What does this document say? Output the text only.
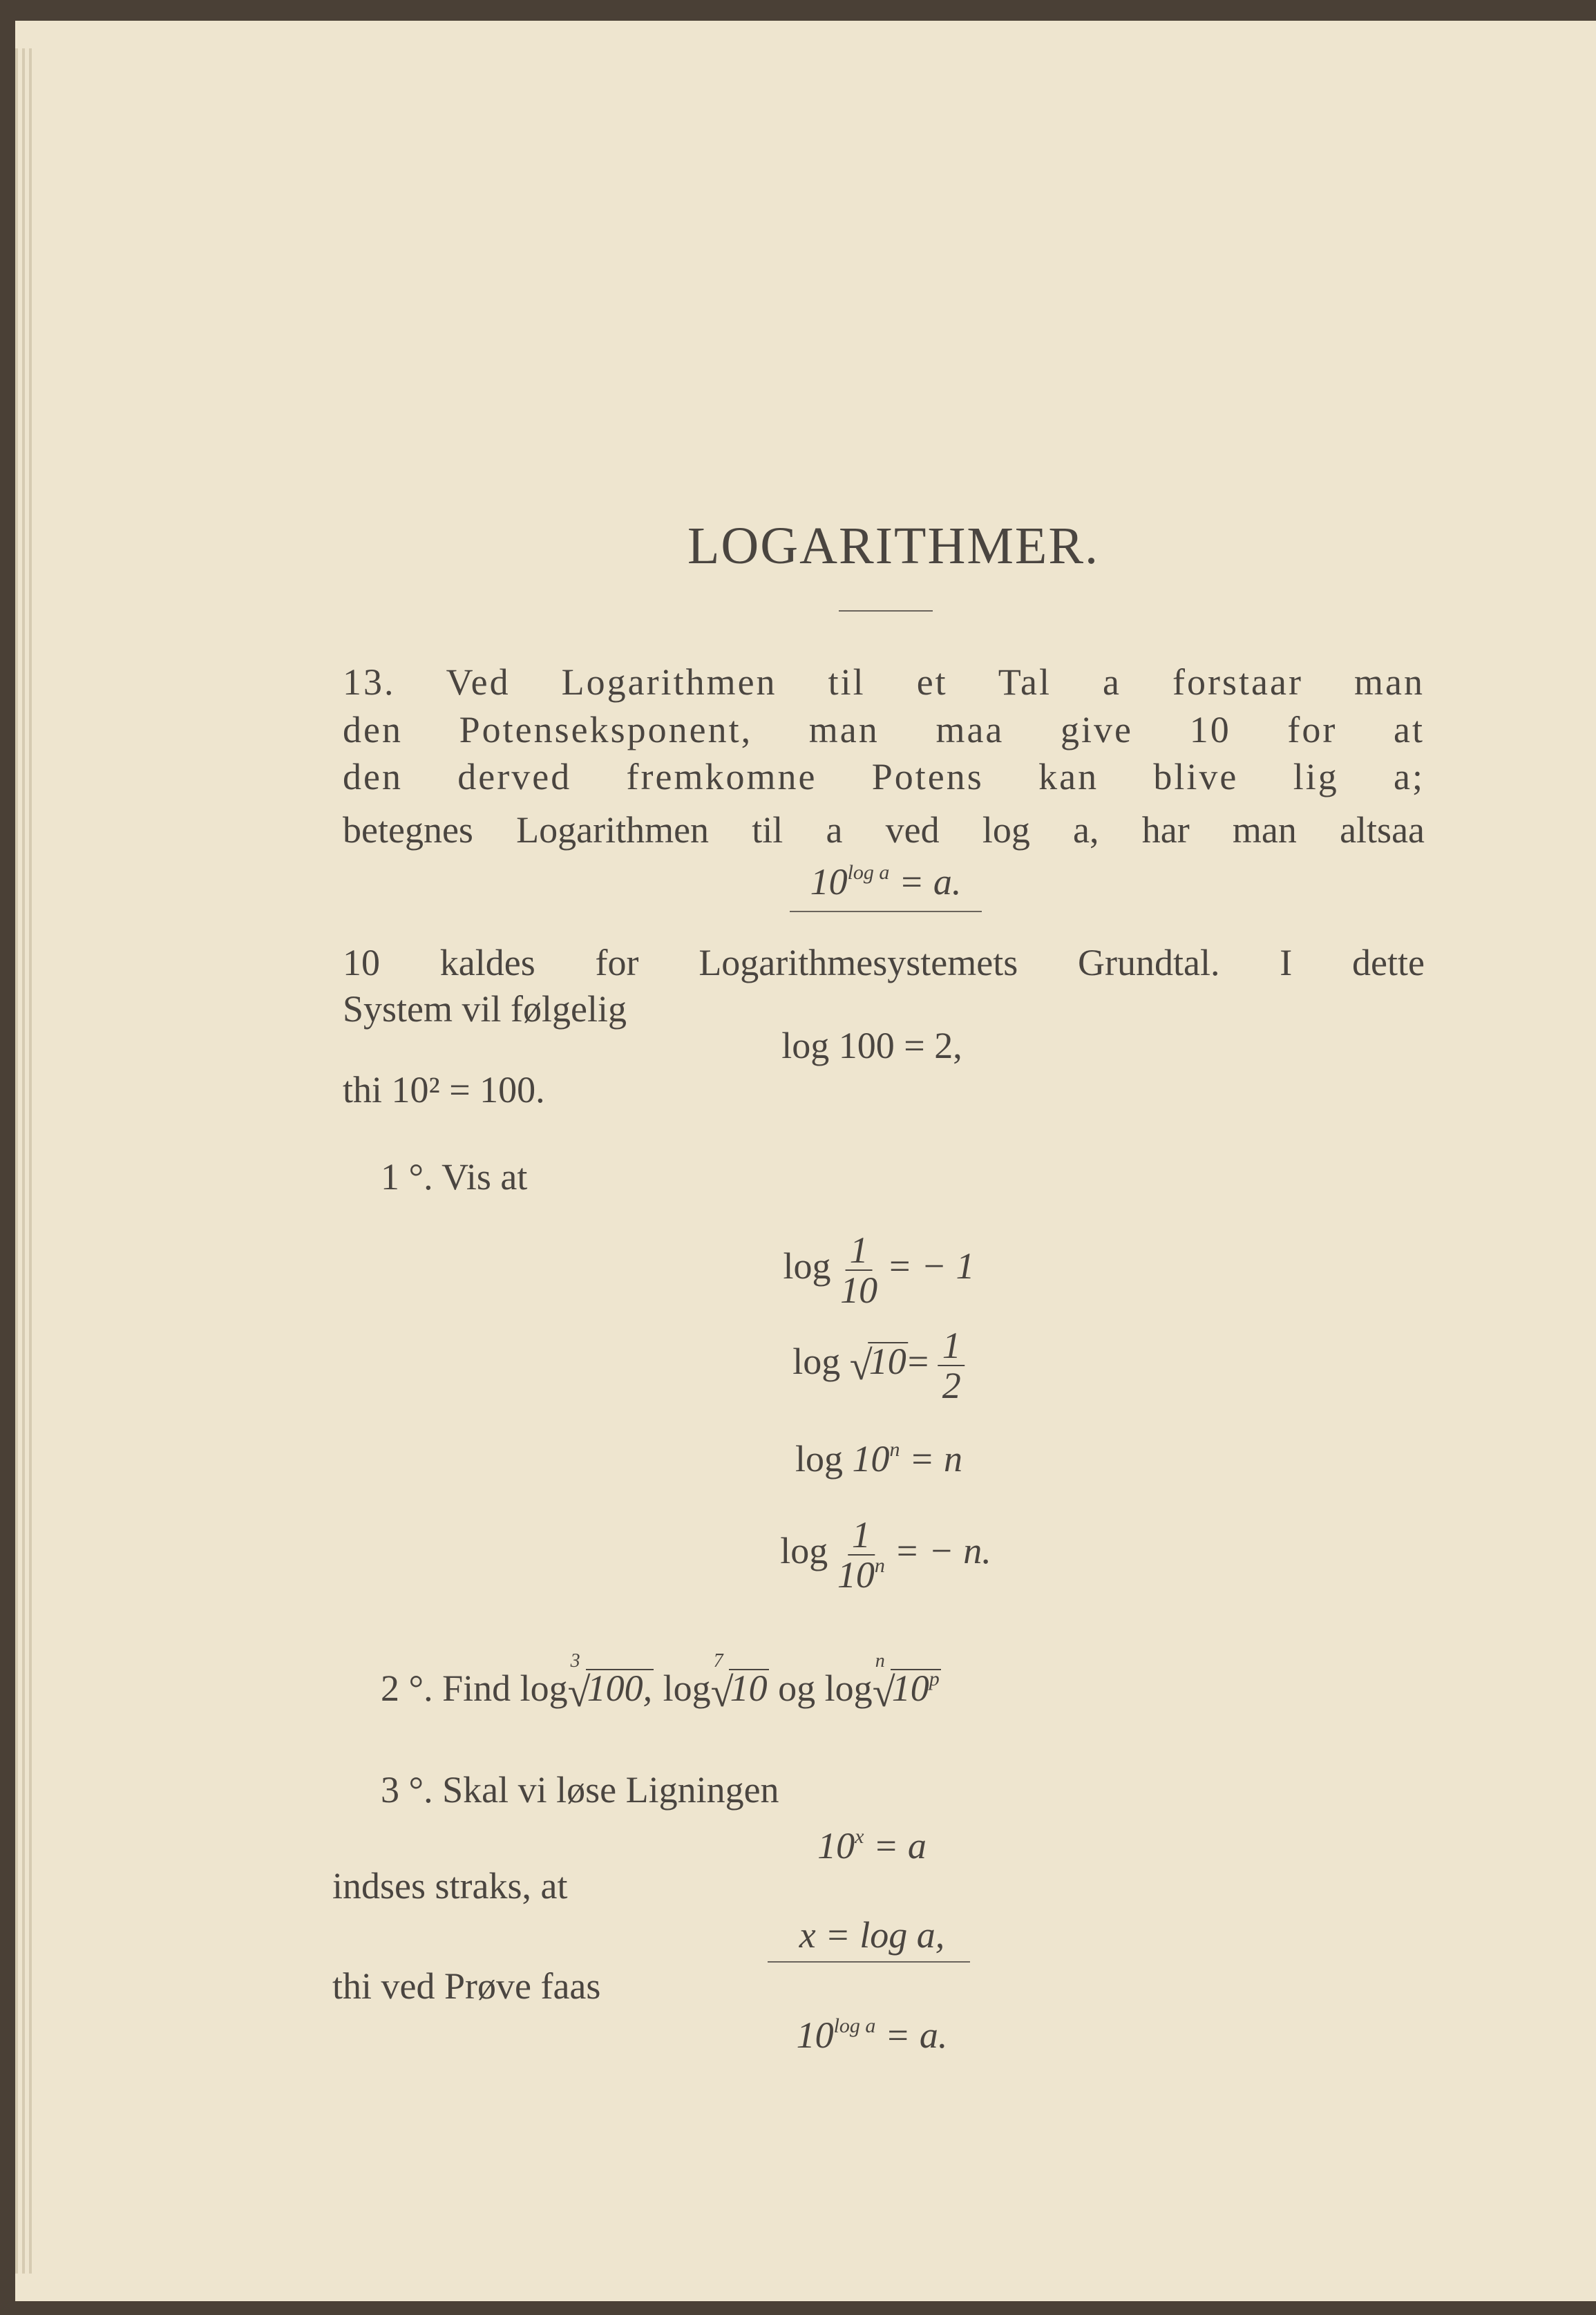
LOGARITHMER.
13. Ved Logarithmen til et Tal a forstaar man
den Potenseksponent, man maa give 10 for at
den derved fremkomne Potens kan blive lig a;
betegnes Logarithmen til a ved log a, har man altsaa
$10^{log a} = a$.
10 kaldes for Logarithmesystemets Grundtal. I dette
System vil følgelig
log 100 = 2,
thi 10² = 100.
1 °. Vis at
$\log \frac{1}{10}$ = − 1
log √
$10= \frac{1}{2}$
$\log 10^n = n$
$\log \frac{1}{10^n}$ = − n.
2 °. Find log
3
√
100, log
7
√
10 og log
n
√
10$^p$
3 °. Skal vi løse Ligningen
$10^x = a$
indses straks, at
x = log a,
thi ved Prøve faas
$10^{log a} = a$.
